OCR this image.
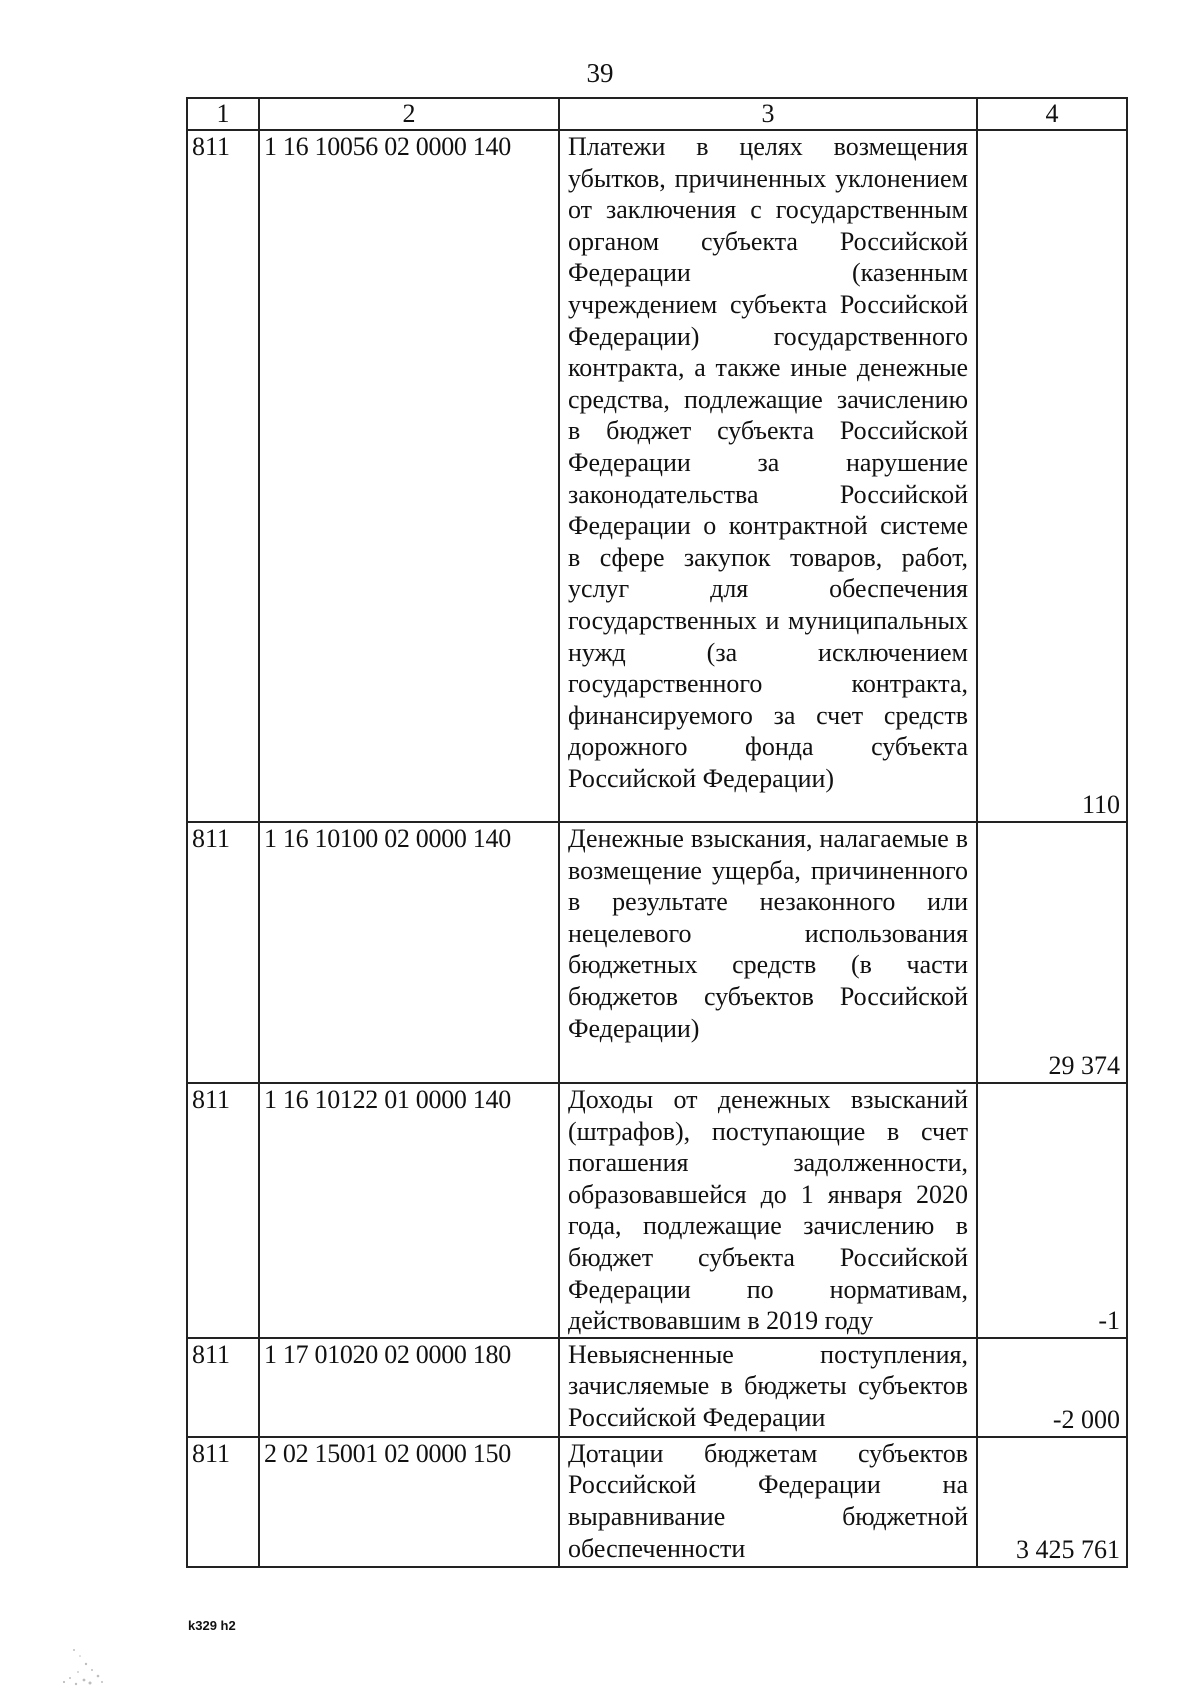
39
1	2	3	4
811	1 16 10056 02 0000 140	Платежи в целях возмещения убытков, причиненных уклонением от заключения с государственным органом субъекта Российской Федерации (казенным учреждением субъекта Российской Федерации) государственного контракта, а также иные денежные средства, подлежащие зачислению в бюджет субъекта Российской Федерации за нарушение законодательства Российской Федерации о контрактной системе в сфере закупок товаров, работ, услуг для обеспечения государственных и муниципальных нужд (за исключением государственного контракта, финансируемого за счет средств дорожного фонда субъекта Российской Федерации)	110
811	1 16 10100 02 0000 140	Денежные взыскания, налагаемые в возмещение ущерба, причиненного в результате незаконного или нецелевого использования бюджетных средств (в части бюджетов субъектов Российской Федерации)	29 374
811	1 16 10122 01 0000 140	Доходы от денежных взысканий (штрафов), поступающие в счет погашения задолженности, образовавшейся до 1 января 2020 года, подлежащие зачислению в бюджет субъекта Российской Федерации по нормативам, действовавшим в 2019 году	-1
811	1 17 01020 02 0000 180	Невыясненные поступления, зачисляемые в бюджеты субъектов Российской Федерации	-2 000
811	2 02 15001 02 0000 150	Дотации бюджетам субъектов Российской Федерации на выравнивание бюджетной обеспеченности	3 425 761
k329 h2
